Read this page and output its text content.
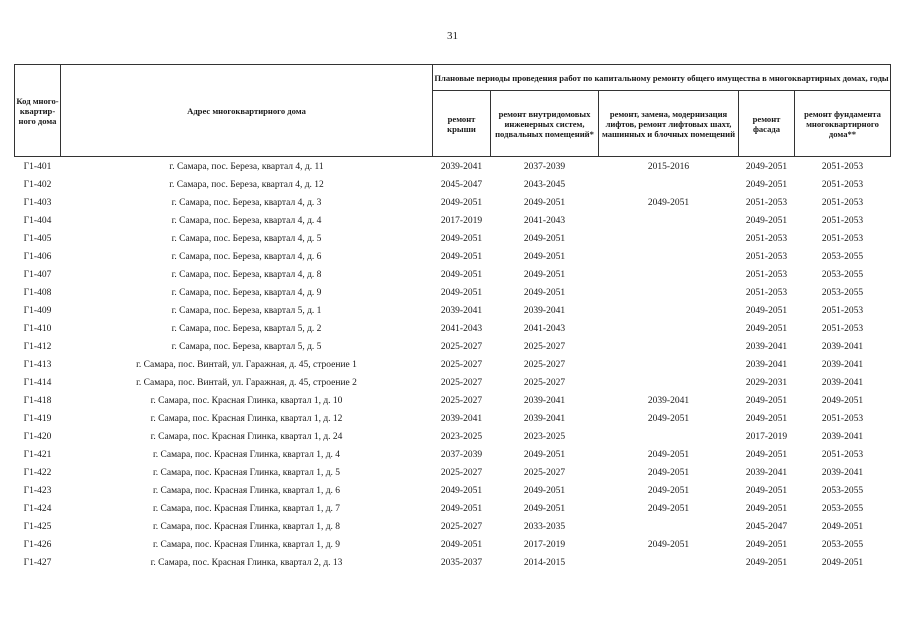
31
Код много-квартир-ного дома	Адрес многоквартирного дома	Плановые периоды проведения работ по капитальному ремонту общего имущества в многоквартирных домах, годы				
		ремонт крыши	ремонт внутридомовых инженерных систем, подвальных помещений*	ремонт, замена, модернизация лифтов, ремонт лифтовых шахт, машинных и блочных помещений	ремонт фасада	ремонт фундамента многоквартирного дома**
Г1-401	г. Самара, пос. Береза, квартал 4, д. 11	2039-2041	2037-2039	2015-2016	2049-2051	2051-2053
Г1-402	г. Самара, пос. Береза, квартал 4, д. 12	2045-2047	2043-2045		2049-2051	2051-2053
Г1-403	г. Самара, пос. Береза, квартал 4, д. 3	2049-2051	2049-2051	2049-2051	2051-2053	2051-2053
Г1-404	г. Самара, пос. Береза, квартал 4, д. 4	2017-2019	2041-2043		2049-2051	2051-2053
Г1-405	г. Самара, пос. Береза, квартал 4, д. 5	2049-2051	2049-2051		2051-2053	2051-2053
Г1-406	г. Самара, пос. Береза, квартал 4, д. 6	2049-2051	2049-2051		2051-2053	2053-2055
Г1-407	г. Самара, пос. Береза, квартал 4, д. 8	2049-2051	2049-2051		2051-2053	2053-2055
Г1-408	г. Самара, пос. Береза, квартал 4, д. 9	2049-2051	2049-2051		2051-2053	2053-2055
Г1-409	г. Самара, пос. Береза, квартал 5, д. 1	2039-2041	2039-2041		2049-2051	2051-2053
Г1-410	г. Самара, пос. Береза, квартал 5, д. 2	2041-2043	2041-2043		2049-2051	2051-2053
Г1-412	г. Самара, пос. Береза, квартал 5, д. 5	2025-2027	2025-2027		2039-2041	2039-2041
Г1-413	г. Самара, пос. Винтай, ул. Гаражная, д. 45, строение 1	2025-2027	2025-2027		2039-2041	2039-2041
Г1-414	г. Самара, пос. Винтай, ул. Гаражная, д. 45, строение 2	2025-2027	2025-2027		2029-2031	2039-2041
Г1-418	г. Самара, пос. Красная Глинка, квартал 1, д. 10	2025-2027	2039-2041	2039-2041	2049-2051	2049-2051
Г1-419	г. Самара, пос. Красная Глинка, квартал 1, д. 12	2039-2041	2039-2041	2049-2051	2049-2051	2051-2053
Г1-420	г. Самара, пос. Красная Глинка, квартал 1, д. 24	2023-2025	2023-2025		2017-2019	2039-2041
Г1-421	г. Самара, пос. Красная Глинка, квартал 1, д. 4	2037-2039	2049-2051	2049-2051	2049-2051	2051-2053
Г1-422	г. Самара, пос. Красная Глинка, квартал 1, д. 5	2025-2027	2025-2027	2049-2051	2039-2041	2039-2041
Г1-423	г. Самара, пос. Красная Глинка, квартал 1, д. 6	2049-2051	2049-2051	2049-2051	2049-2051	2053-2055
Г1-424	г. Самара, пос. Красная Глинка, квартал 1, д. 7	2049-2051	2049-2051	2049-2051	2049-2051	2053-2055
Г1-425	г. Самара, пос. Красная Глинка, квартал 1, д. 8	2025-2027	2033-2035		2045-2047	2049-2051
Г1-426	г. Самара, пос. Красная Глинка, квартал 1, д. 9	2049-2051	2017-2019	2049-2051	2049-2051	2053-2055
Г1-427	г. Самара, пос. Красная Глинка, квартал 2, д. 13	2035-2037	2014-2015		2049-2051	2049-2051
